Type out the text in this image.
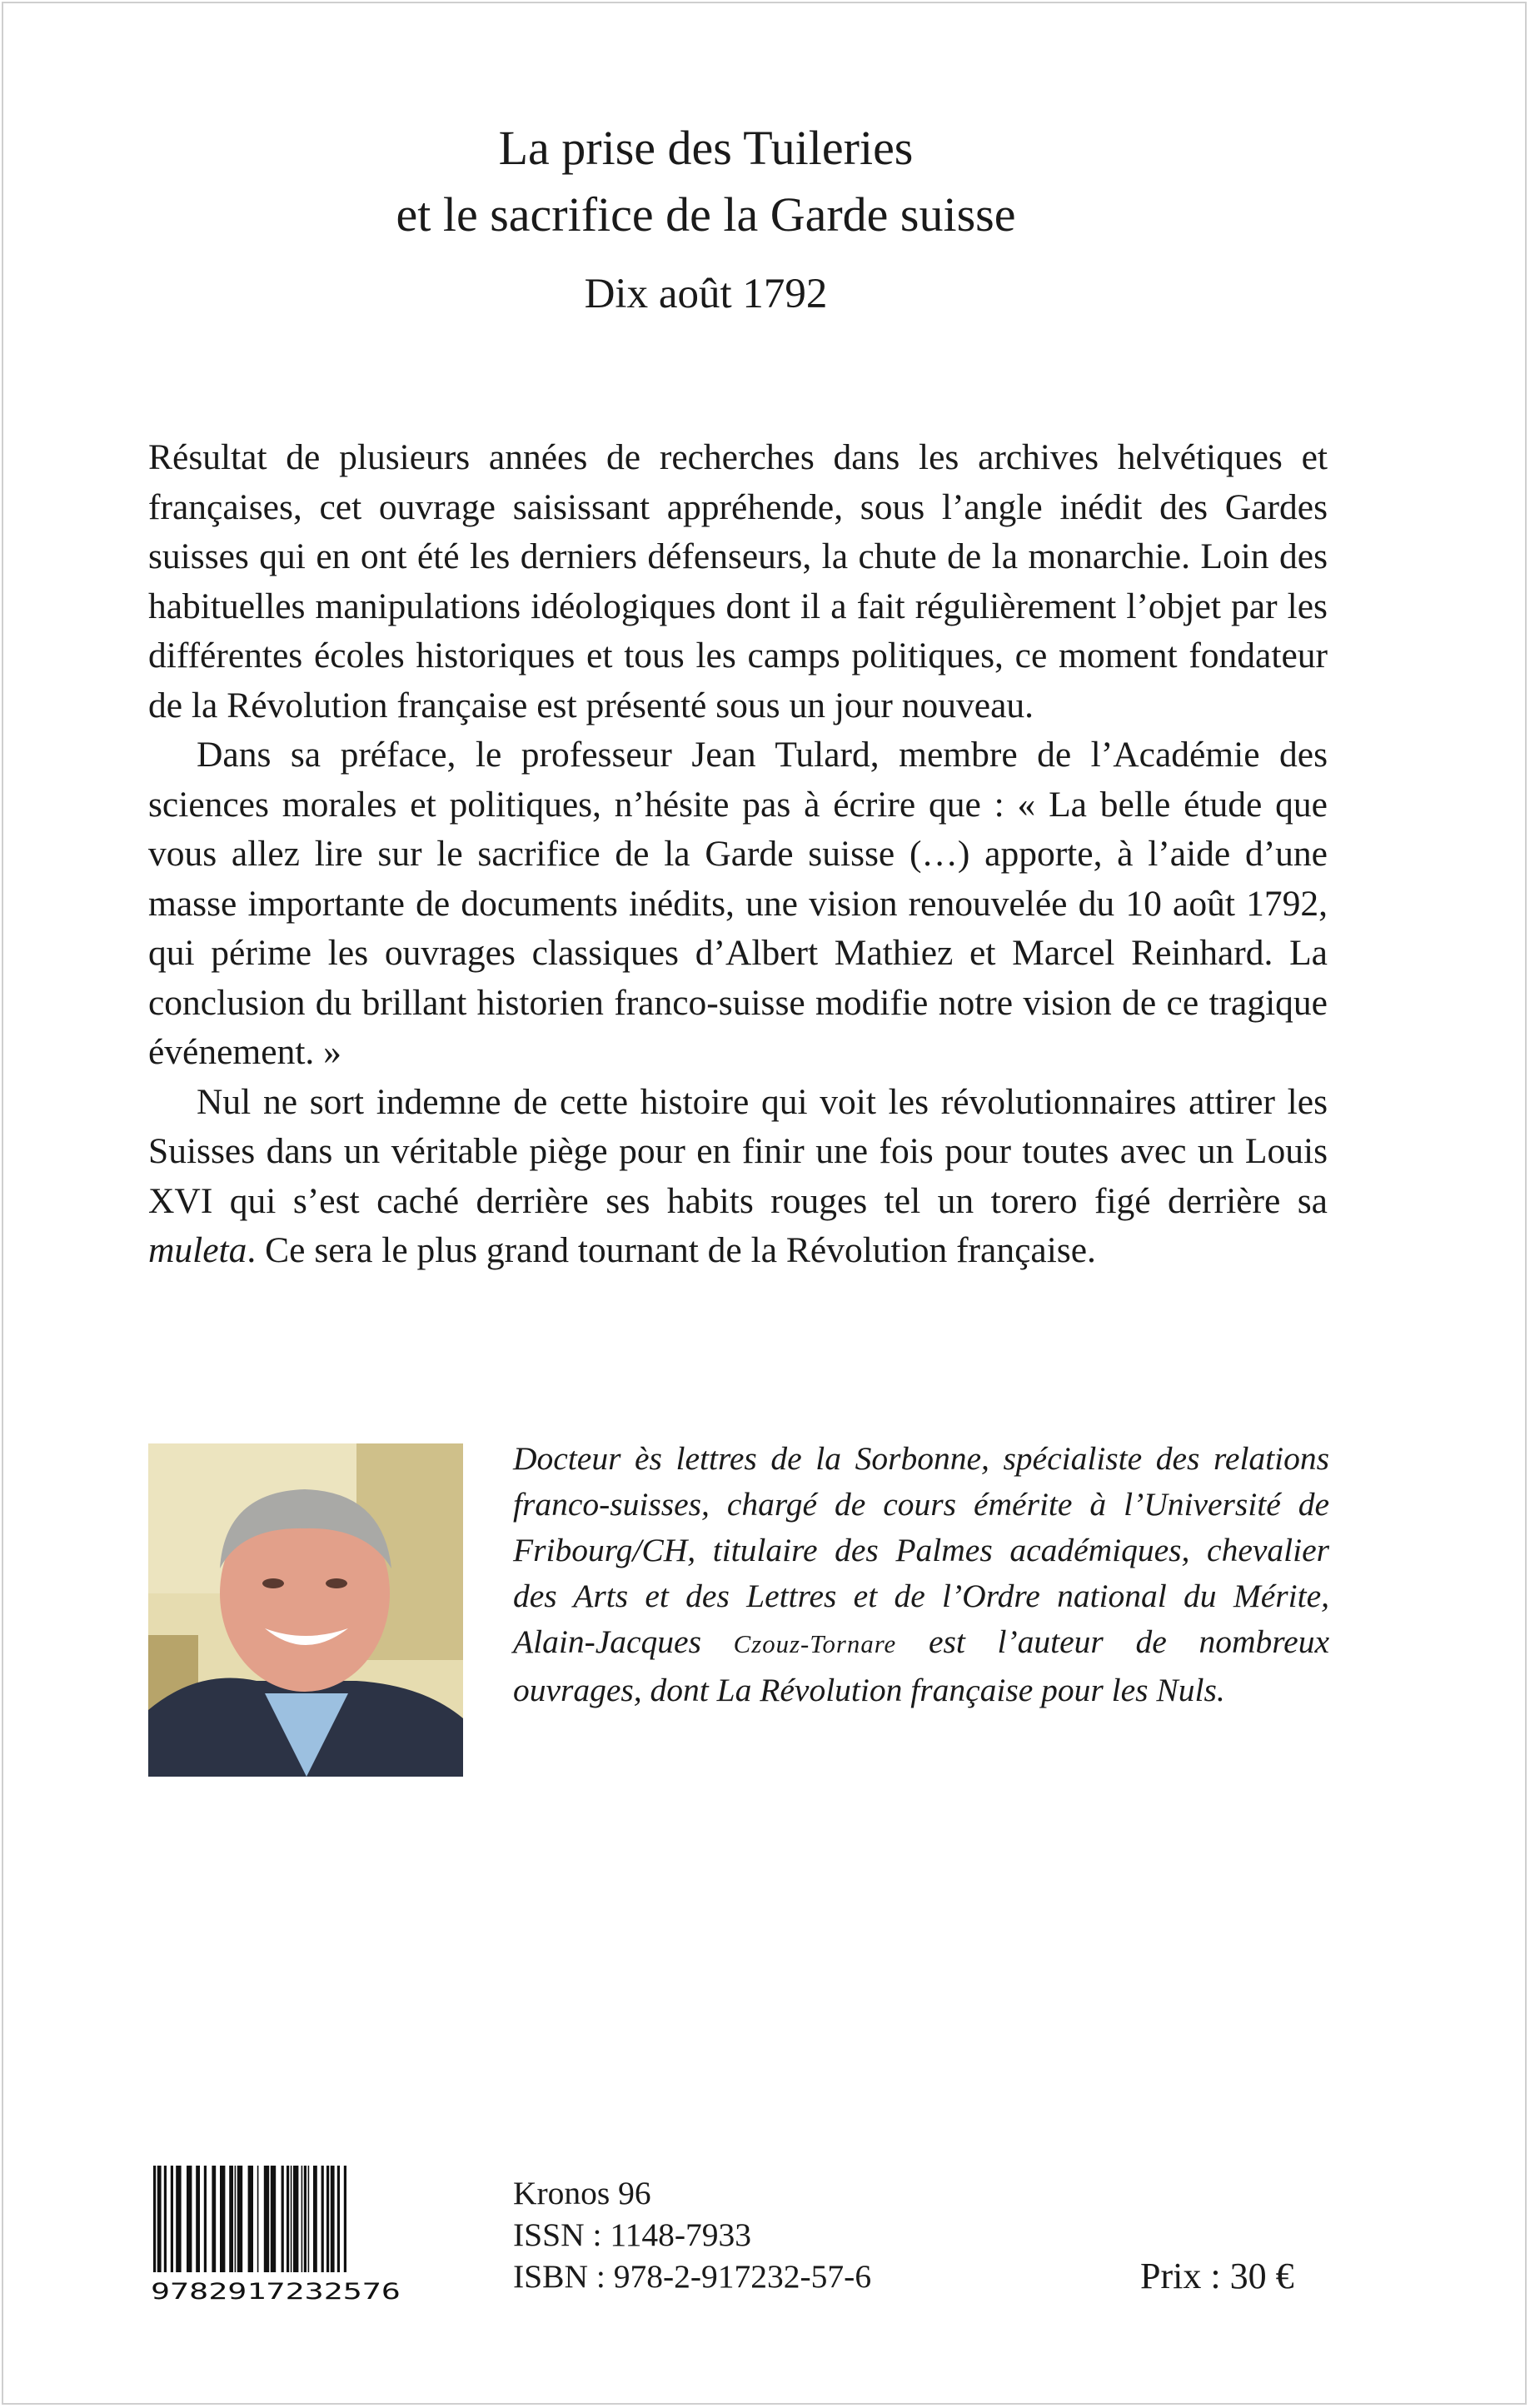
La prise des Tuileries
et le sacrifice de la Garde suisse
Dix août 1792

Résultat de plusieurs années de recherches dans les archives helvétiques et françaises, cet ouvrage saisissant appréhende, sous l’angle inédit des Gardes suisses qui en ont été les derniers défenseurs, la chute de la monarchie. Loin des habituelles manipulations idéologiques dont il a fait régulièrement l’objet par les différentes écoles historiques et tous les camps politiques, ce moment fondateur de la Révolution française est présenté sous un jour nouveau.

Dans sa préface, le professeur Jean Tulard, membre de l’Académie des sciences morales et politiques, n’hésite pas à écrire que : « La belle étude que vous allez lire sur le sacrifice de la Garde suisse (…) apporte, à l’aide d’une masse importante de documents inédits, une vision renouvelée du 10 août 1792, qui périme les ouvrages classiques d’Albert Mathiez et Marcel Reinhard. La conclusion du brillant historien franco-suisse modifie notre vision de ce tragique événement. »

Nul ne sort indemne de cette histoire qui voit les révolutionnaires attirer les Suisses dans un véritable piège pour en finir une fois pour toutes avec un Louis XVI qui s’est caché derrière ses habits rouges tel un torero figé derrière sa muleta. Ce sera le plus grand tournant de la Révolution française.

Docteur ès lettres de la Sorbonne, spécialiste des relations franco-suisses, chargé de cours émérite à l’Université de Fribourg/CH, titulaire des Palmes académiques, chevalier des Arts et des Lettres et de l’Ordre national du Mérite, Alain-Jacques Czouz-Tornare est l’auteur de nombreux ouvrages, dont La Révolution française pour les Nuls.
9782917232576
Kronos 96
ISSN : 1148-7933
ISBN : 978-2-917232-57-6	Prix : 30 €
